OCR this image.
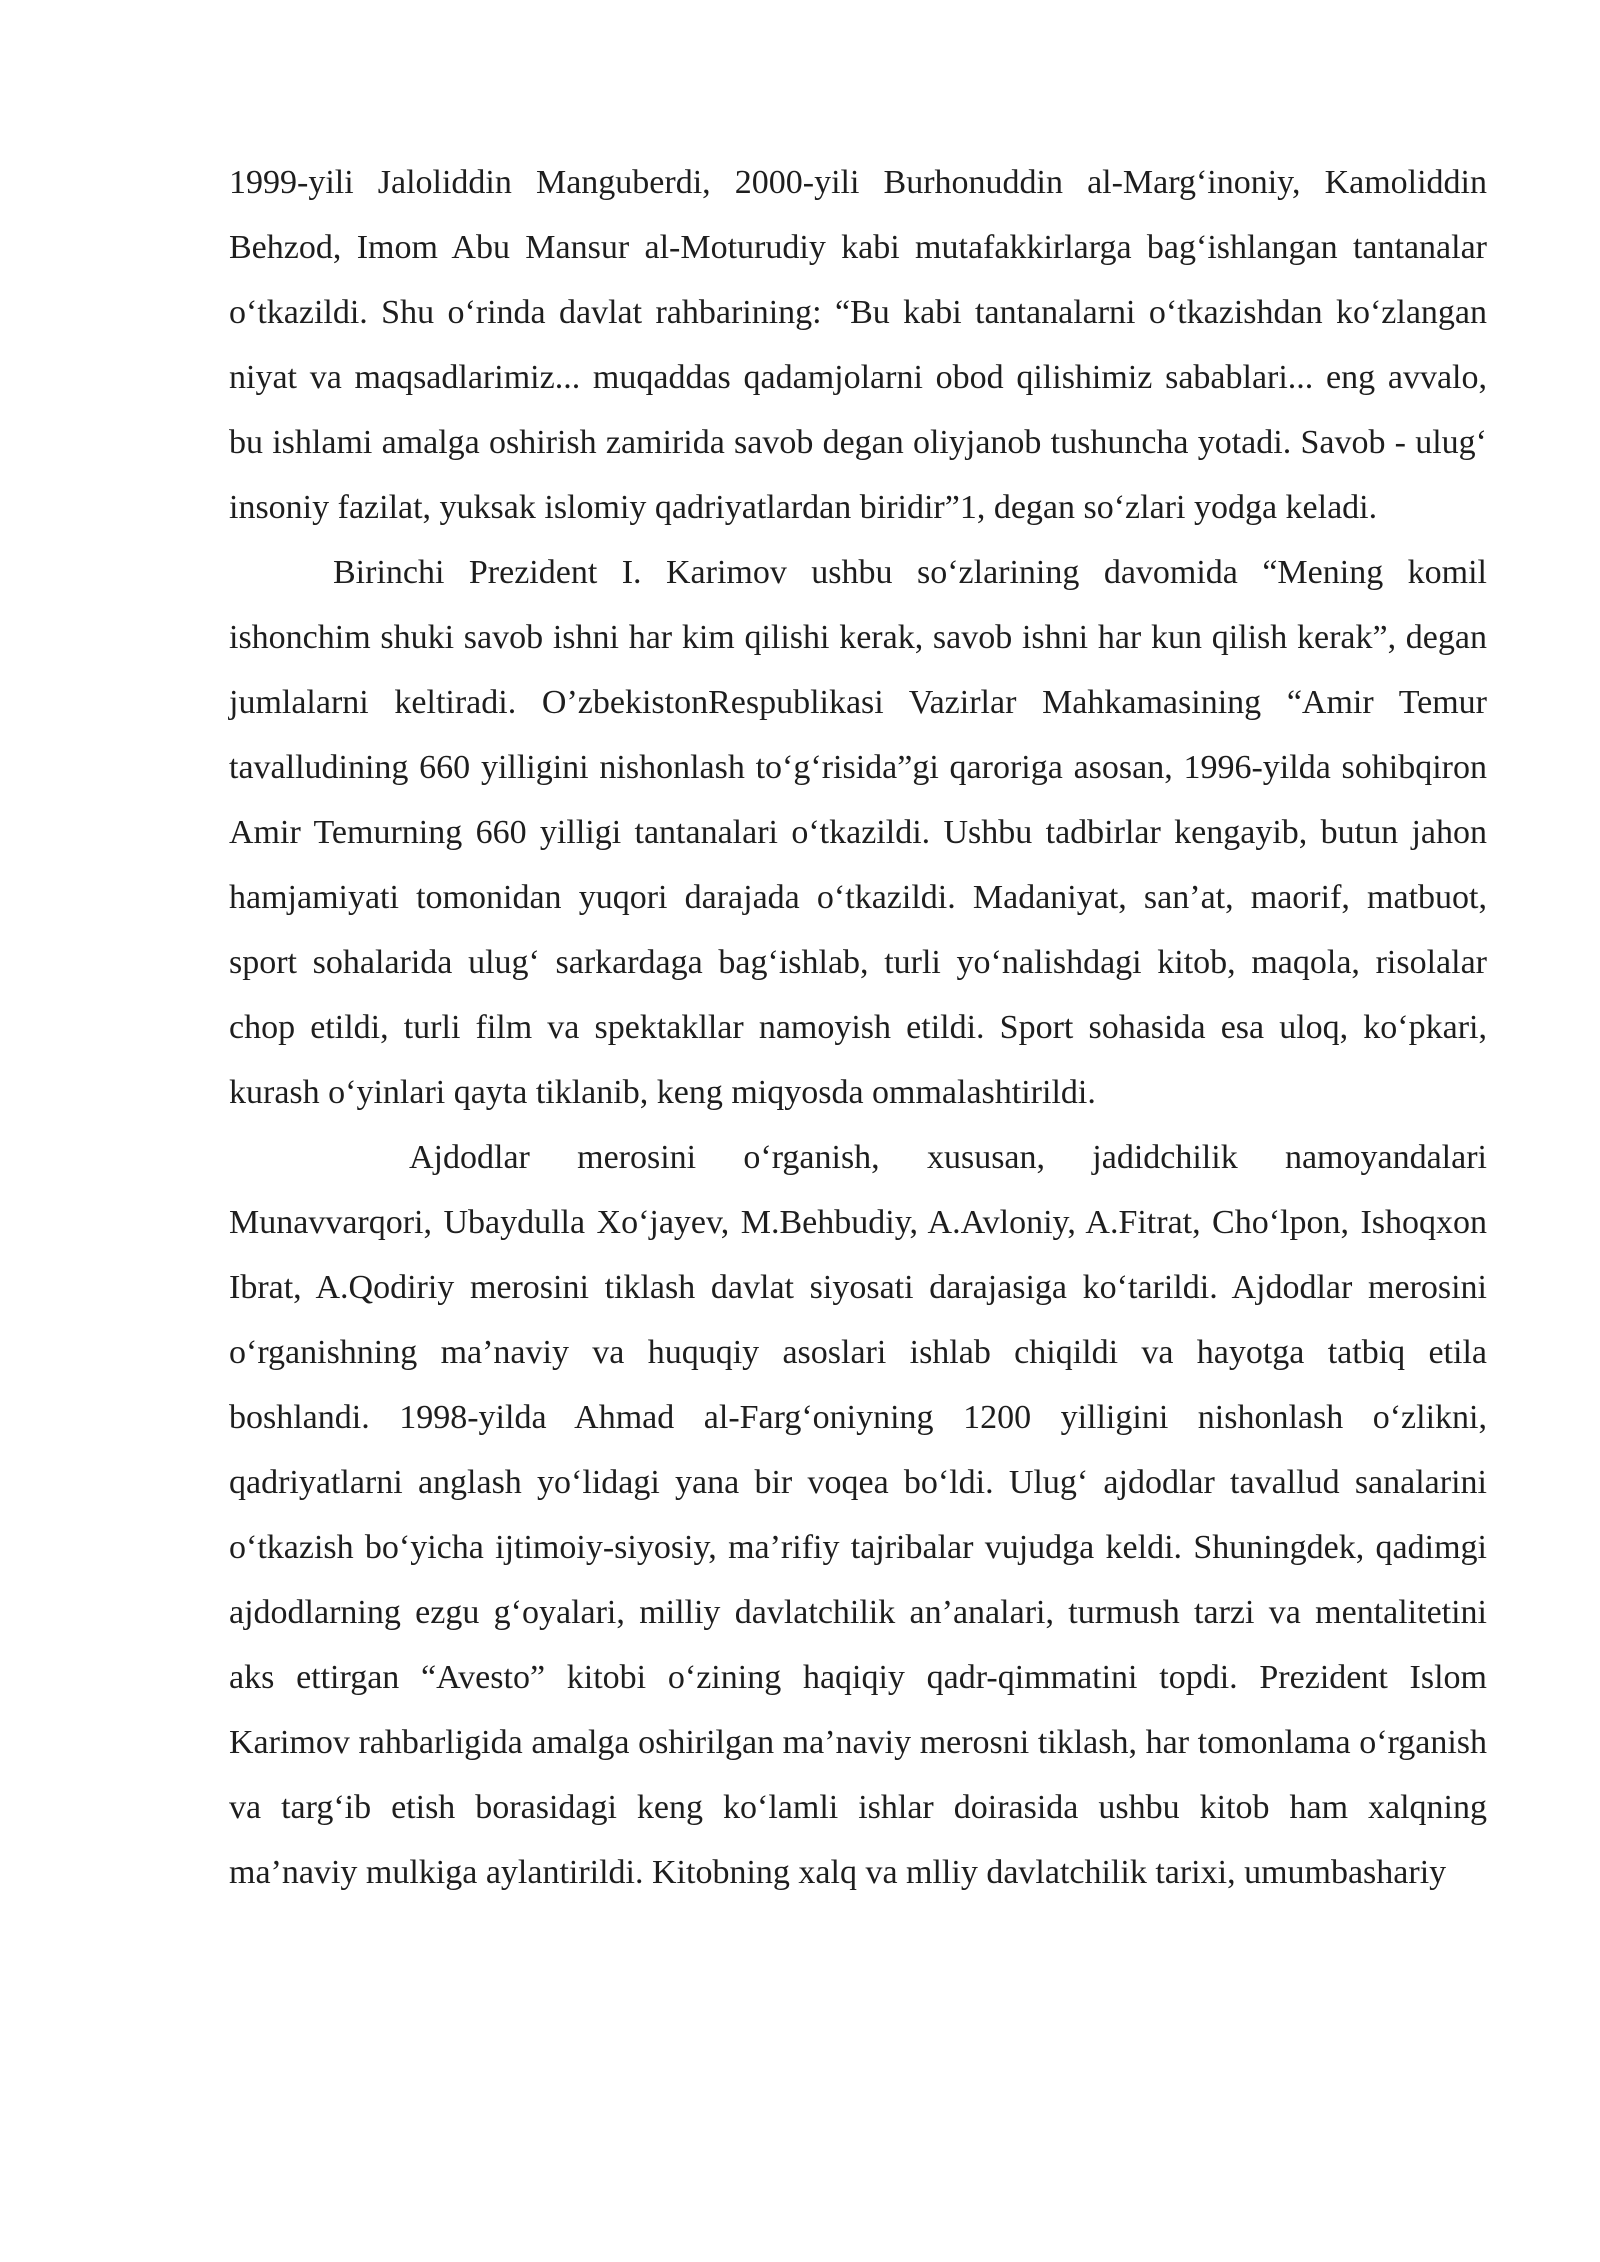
1999-yili Jaloliddin Manguberdi, 2000-yili Burhonuddin al-Marg‘inoniy, Kamoliddin Behzod, Imom Abu Mansur al-Moturudiy kabi mutafakkirlarga bag‘ishlangan tantanalar o‘tkazildi. Shu o‘rinda davlat rahbarining: “Bu kabi tantanalarni o‘tkazishdan ko‘zlangan niyat va maqsadlarimiz... muqaddas qadamjolarni obod qilishimiz sabablari... eng avvalo, bu ishlami amalga oshirish zamirida savob degan oliyjanob tushuncha yotadi. Savob - ulug‘ insoniy fazilat, yuksak islomiy qadriyatlardan biridir”1, degan so‘zlari yodga keladi.

Birinchi Prezident I. Karimov ushbu so‘zlarining davomida “Mening komil ishonchim shuki savob ishni har kim qilishi kerak, savob ishni har kun qilish kerak”, degan jumlalarni keltiradi. O’zbekistonRespublikasi Vazirlar Mahkamasining “Amir Temur tavalludining 660 yilligini nishonlash to‘g‘risida”gi qaroriga asosan, 1996-yilda sohibqiron Amir Temurning 660 yilligi tantanalari o‘tkazildi. Ushbu tadbirlar kengayib, butun jahon hamjamiyati tomonidan yuqori darajada o‘tkazildi. Madaniyat, san’at, maorif, matbuot, sport sohalarida ulug‘ sarkardaga bag‘ishlab, turli yo‘nalishdagi kitob, maqola, risolalar chop etildi, turli film va spektakllar namoyish etildi. Sport sohasida esa uloq, ko‘pkari, kurash o‘yinlari qayta tiklanib, keng miqyosda ommalashtirildi.

Ajdodlar merosini o‘rganish, xususan, jadidchilik namoyandalari Munavvarqori, Ubaydulla Xo‘jayev, M.Behbudiy, A.Avloniy, A.Fitrat, Cho‘lpon, Ishoqxon Ibrat, A.Qodiriy merosini tiklash davlat siyosati darajasiga ko‘tarildi. Ajdodlar merosini o‘rganishning ma’naviy va huquqiy asoslari ishlab chiqildi va hayotga tatbiq etila boshlandi. 1998-yilda Ahmad al-Farg‘oniyning 1200 yilligini nishonlash o‘zlikni, qadriyatlarni anglash yo‘lidagi yana bir voqea bo‘ldi. Ulug‘ ajdodlar tavallud sanalarini o‘tkazish bo‘yicha ijtimoiy-siyosiy, ma’rifiy tajribalar vujudga keldi. Shuningdek, qadimgi ajdodlarning ezgu g‘oyalari, milliy davlatchilik an’analari, turmush tarzi va mentalitetini aks ettirgan “Avesto” kitobi o‘zining haqiqiy qadr-qimmatini topdi. Prezident Islom Karimov rahbarligida amalga oshirilgan ma’naviy merosni tiklash, har tomonlama o‘rganish va targ‘ib etish borasidagi keng ko‘lamli ishlar doirasida ushbu kitob ham xalqning ma’naviy mulkiga aylantirildi. Kitobning xalq va mlliy davlatchilik tarixi, umumbashariy
